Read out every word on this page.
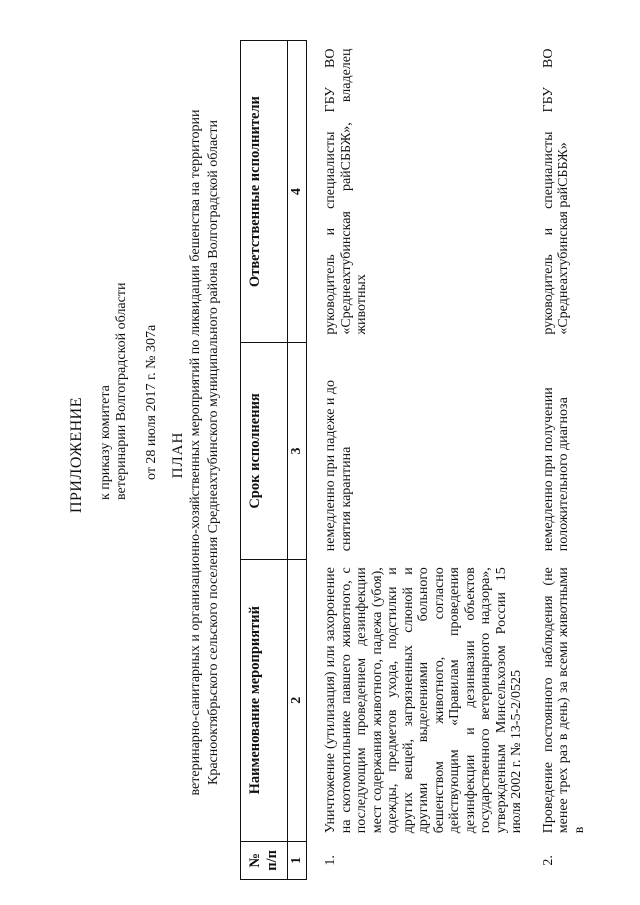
ПРИЛОЖЕНИЕ к приказу комитета ветеринарии Волгоградской области от 28 июля 2017 г. № 307а ПЛАН ветеринарно-санитарных и организационно-хозяйственных мероприятий по ликвидации бешенства на территории Краснооктябрьского сельского поселения Среднеахтубинского муниципального района Волгоградской области
№ п/п	Наименование мероприятий	Срок исполнения	Ответственные исполнители
1	2	3	4
1.	Уничтожение (утилизация) или захоронение на скотомогильнике павшего животного, с последующим проведением дезинфекции мест содержания животного, падежа (убоя), одежды, предметов ухода, подстилки и других вещей, загрязненных слюной и другими выделениями больного бешенством животного, согласно действующим «Правилам проведения дезинфекции и дезинвазии объектов государственного ветеринарного надзора», утвержденным Минсельхозом России 15 июля 2002 г. № 13-5-2/0525	немедленно при падеже и до снятия карантина	руководитель и специалисты ГБУ ВО «Среднеахтубинская райСББЖ», владелец животных
2.	Проведение постоянного наблюдения (не менее трех раз в день) за всеми животными в	немедленно при получении положительного диагноза	руководитель и специалисты ГБУ ВО «Среднеахтубинская райСББЖ»
